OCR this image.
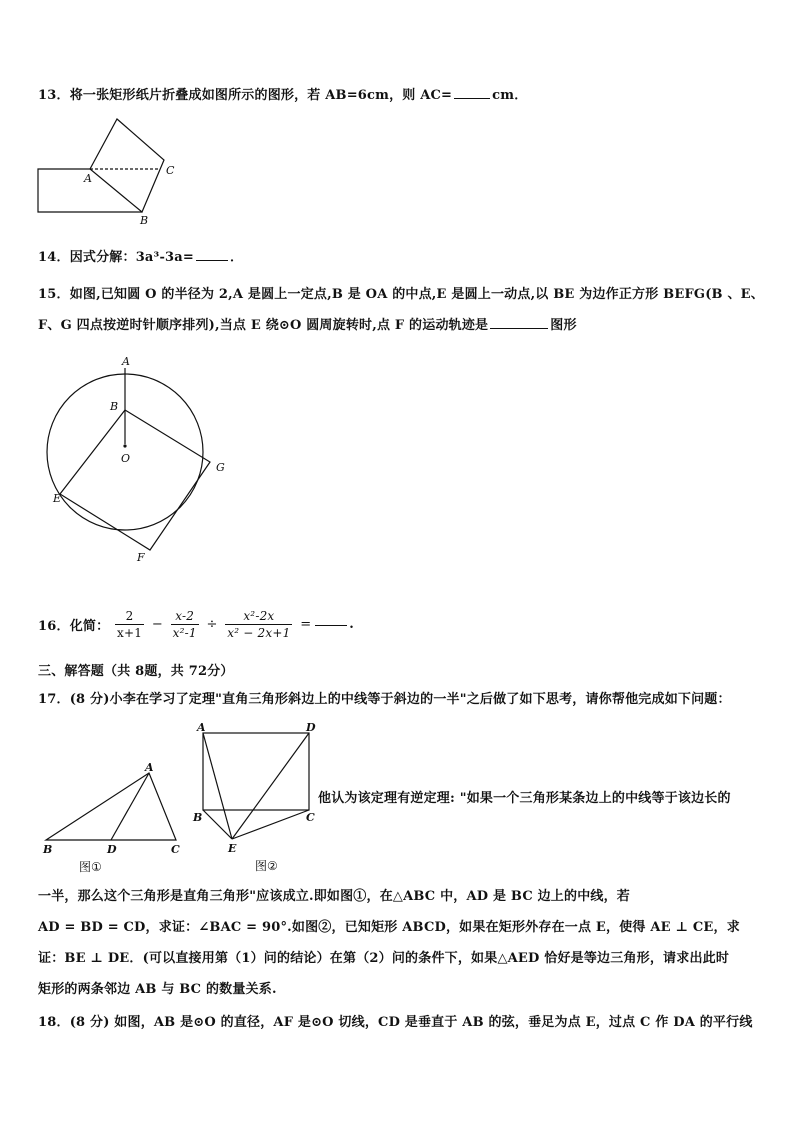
13．将一张矩形纸片折叠成如图所示的图形，若 AB=6cm，则 AC=	cm．
A
B
C
14．因式分解：3a³-3a=	．
15．如图,已知圆 O 的半径为 2,A 是圆上一定点,B 是 OA 的中点,E 是圆上一动点,以 BE 为边作正方形 BEFG(B 、E、
F、G 四点按逆时针顺序排列),当点 E 绕⊙O 圆周旋转时,点 F 的运动轨迹是	图形
A
B
O
E
F
G
16．化简： $\frac{2}{x+1} - \frac{x-2}{\text{x²-1}} \div \frac{\text{x²-2x}}{\text{x² − 2x+1}}$ =	.
三、解答题（共 8题，共 72分）
17．(8 分)小李在学习了定理"直角三角形斜边上的中线等于斜边的一半"之后做了如下思考，请你帮他完成如下问题：
A
B	D	C
图①
A	D
B	C
E
图②
他认为该定理有逆定理: "如果一个三角形某条边上的中线等于该边长的
一半，那么这个三角形是直角三角形"应该成立.即如图①，在△ABC 中，AD 是 BC 边上的中线，若
AD = BD = CD，求证：∠BAC = 90°.如图②，已知矩形 ABCD，如果在矩形外存在一点 E，使得 AE ⊥ CE，求
证：BE ⊥ DE．(可以直接用第（1）问的结论）在第（2）问的条件下，如果△AED 恰好是等边三角形，请求出此时
矩形的两条邻边 AB 与 BC 的数量关系.
18．(8 分) 如图，AB 是⊙O 的直径，AF 是⊙O 切线，CD 是垂直于 AB 的弦，垂足为点 E，过点 C 作 DA 的平行线
